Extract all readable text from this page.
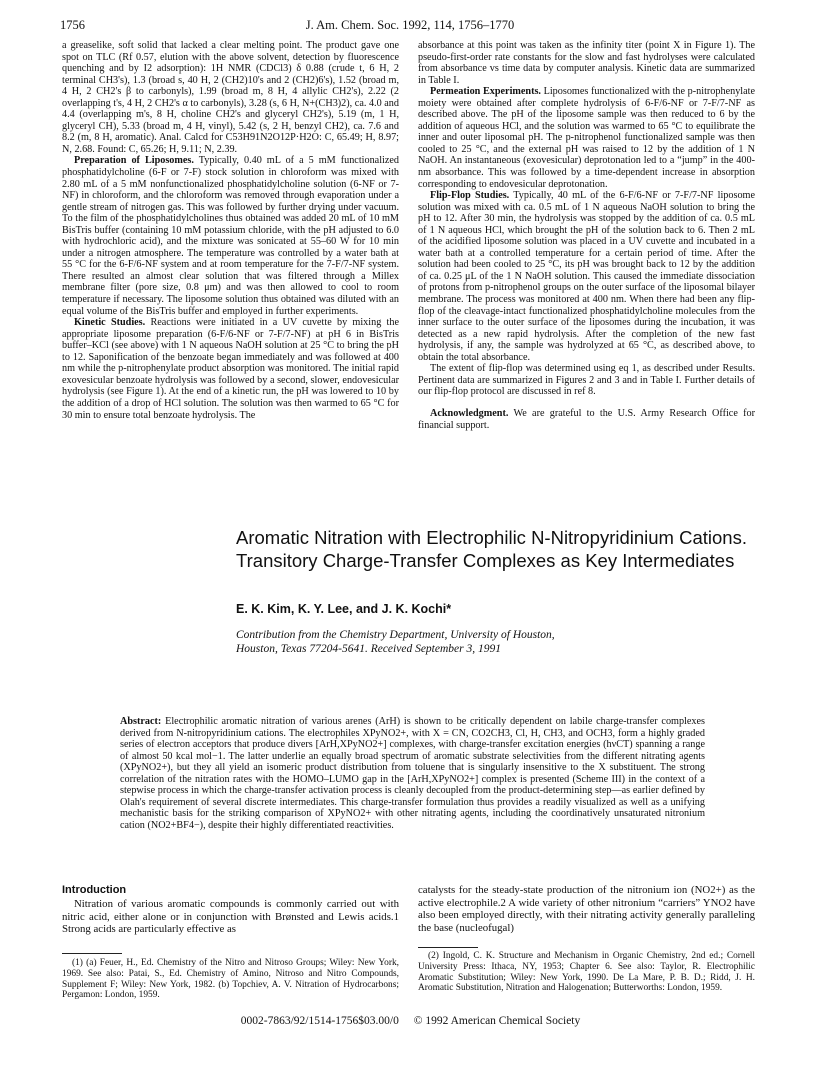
1756	J. Am. Chem. Soc. 1992, 114, 1756–1770

a greaselike, soft solid that lacked a clear melting point. The product gave one spot on TLC (Rf 0.57, elution with the above solvent, detection by fluorescence quenching and by I2 adsorption): 1H NMR (CDCl3) δ 0.88 (crude t, 6 H, 2 terminal CH3's), 1.3 (broad s, 40 H, 2 (CH2)10's and 2 (CH2)6's), 1.52 (broad m, 4 H, 2 CH2's β to carbonyls), 1.99 (broad m, 8 H, 4 allylic CH2's), 2.22 (2 overlapping t's, 4 H, 2 CH2's α to carbonyls), 3.28 (s, 6 H, N+(CH3)2), ca. 4.0 and 4.4 (overlapping m's, 8 H, choline CH2's and glyceryl CH2's), 5.19 (m, 1 H, glyceryl CH), 5.33 (broad m, 4 H, vinyl), 5.42 (s, 2 H, benzyl CH2), ca. 7.6 and 8.2 (m, 8 H, aromatic). Anal. Calcd for C53H91N2O12P·H2O: C, 65.49; H, 8.97; N, 2.68. Found: C, 65.26; H, 9.11; N, 2.39.

Preparation of Liposomes. Typically, 0.40 mL of a 5 mM functionalized phosphatidylcholine (6-F or 7-F) stock solution in chloroform was mixed with 2.80 mL of a 5 mM nonfunctionalized phosphatidylcholine solution (6-NF or 7-NF) in chloroform, and the chloroform was removed through evaporation under a gentle stream of nitrogen gas. This was followed by further drying under vacuum. To the film of the phosphatidylcholines thus obtained was added 20 mL of 10 mM BisTris buffer (containing 10 mM potassium chloride, with the pH adjusted to 6.0 with hydrochloric acid), and the mixture was sonicated at 55–60 W for 10 min under a nitrogen atmosphere. The temperature was controlled by a water bath at 55 °C for the 6-F/6-NF system and at room temperature for the 7-F/7-NF system. There resulted an almost clear solution that was filtered through a Millex membrane filter (pore size, 0.8 μm) and was then allowed to cool to room temperature if necessary. The liposome solution thus obtained was diluted with an equal volume of the BisTris buffer and employed in further experiments.

Kinetic Studies. Reactions were initiated in a UV cuvette by mixing the appropriate liposome preparation (6-F/6-NF or 7-F/7-NF) at pH 6 in BisTris buffer–KCl (see above) with 1 N aqueous NaOH solution at 25 °C to bring the pH to 12. Saponification of the benzoate began immediately and was followed at 400 nm while the p-nitrophenylate product absorption was monitored. The initial rapid exovesicular benzoate hydrolysis was followed by a second, slower, endovesicular hydrolysis (see Figure 1). At the end of a kinetic run, the pH was lowered to 10 by the addition of a drop of HCl solution. The solution was then warmed to 65 °C for 30 min to ensure total benzoate hydrolysis. The

absorbance at this point was taken as the infinity titer (point X in Figure 1). The pseudo-first-order rate constants for the slow and fast hydrolyses were calculated from absorbance vs time data by computer analysis. Kinetic data are summarized in Table I.

Permeation Experiments. Liposomes functionalized with the p-nitrophenylate moiety were obtained after complete hydrolysis of 6-F/6-NF or 7-F/7-NF as described above. The pH of the liposome sample was then reduced to 6 by the addition of aqueous HCl, and the solution was warmed to 65 °C to equilibrate the inner and outer liposomal pH. The p-nitrophenol functionalized sample was then cooled to 25 °C, and the external pH was raised to 12 by the addition of 1 N NaOH. An instantaneous (exovesicular) deprotonation led to a “jump” in the 400-nm absorbance. This was followed by a time-dependent increase in absorption corresponding to endovesicular deprotonation.

Flip-Flop Studies. Typically, 40 mL of the 6-F/6-NF or 7-F/7-NF liposome solution was mixed with ca. 0.5 mL of 1 N aqueous NaOH solution to bring the pH to 12. After 30 min, the hydrolysis was stopped by the addition of ca. 0.5 mL of 1 N aqueous HCl, which brought the pH of the solution back to 6. Then 2 mL of the acidified liposome solution was placed in a UV cuvette and incubated in a water bath at a controlled temperature for a certain period of time. After the solution had been cooled to 25 °C, its pH was brought back to 12 by the addition of ca. 0.25 μL of the 1 N NaOH solution. This caused the immediate dissociation of protons from p-nitrophenol groups on the outer surface of the liposomal bilayer membrane. The process was monitored at 400 nm. When there had been any flip-flop of the cleavage-intact functionalized phosphatidylcholine molecules from the inner surface to the outer surface of the liposomes during the incubation, it was detected as a new rapid hydrolysis. After the completion of the new fast hydrolysis, if any, the sample was hydrolyzed at 65 °C, as described above, to obtain the total absorbance.

The extent of flip-flop was determined using eq 1, as described under Results. Pertinent data are summarized in Figures 2 and 3 and in Table I. Further details of our flip-flop protocol are discussed in ref 8.

Acknowledgment. We are grateful to the U.S. Army Research Office for financial support.

Aromatic Nitration with Electrophilic N-Nitropyridinium Cations. Transitory Charge-Transfer Complexes as Key Intermediates
E. K. Kim, K. Y. Lee, and J. K. Kochi*
Contribution from the Chemistry Department, University of Houston,
Houston, Texas 77204-5641. Received September 3, 1991
Abstract: Electrophilic aromatic nitration of various arenes (ArH) is shown to be critically dependent on labile charge-transfer complexes derived from N-nitropyridinium cations. The electrophiles XPyNO2+, with X = CN, CO2CH3, Cl, H, CH3, and OCH3, form a highly graded series of electron acceptors that produce divers [ArH,XPyNO2+] complexes, with charge-transfer excitation energies (hνCT) spanning a range of almost 50 kcal mol−1. The latter underlie an equally broad spectrum of aromatic substrate selectivities from the different nitrating agents (XPyNO2+), but they all yield an isomeric product distribution from toluene that is singularly insensitive to the X substituent. The strong correlation of the nitration rates with the HOMO–LUMO gap in the [ArH,XPyNO2+] complex is presented (Scheme III) in the context of a stepwise process in which the charge-transfer activation process is cleanly decoupled from the product-determining step—as earlier defined by Olah's requirement of several discrete intermediates. This charge-transfer formulation thus provides a readily visualized as well as a unifying mechanistic basis for the striking comparison of XPyNO2+ with other nitrating agents, including the coordinatively unsaturated nitronium cation (NO2+BF4−), despite their highly differentiated reactivities.
Introduction

Nitration of various aromatic compounds is commonly carried out with nitric acid, either alone or in conjunction with Brønsted and Lewis acids.1 Strong acids are particularly effective as

catalysts for the steady-state production of the nitronium ion (NO2+) as the active electrophile.2 A wide variety of other nitronium “carriers” YNO2 have also been employed directly, with their nitrating activity generally paralleling the base (nucleofugal)

(1) (a) Feuer, H., Ed. Chemistry of the Nitro and Nitroso Groups; Wiley: New York, 1969. See also: Patai, S., Ed. Chemistry of Amino, Nitroso and Nitro Compounds, Supplement F; Wiley: New York, 1982. (b) Topchiev, A. V. Nitration of Hydrocarbons; Pergamon: London, 1959.

(2) Ingold, C. K. Structure and Mechanism in Organic Chemistry, 2nd ed.; Cornell University Press: Ithaca, NY, 1953; Chapter 6. See also: Taylor, R. Electrophilic Aromatic Substitution; Wiley: New York, 1990. De La Mare, P. B. D.; Ridd, J. H. Aromatic Substitution, Nitration and Halogenation; Butterworths: London, 1959.

0002-7863/92/1514-1756$03.00/0 © 1992 American Chemical Society
